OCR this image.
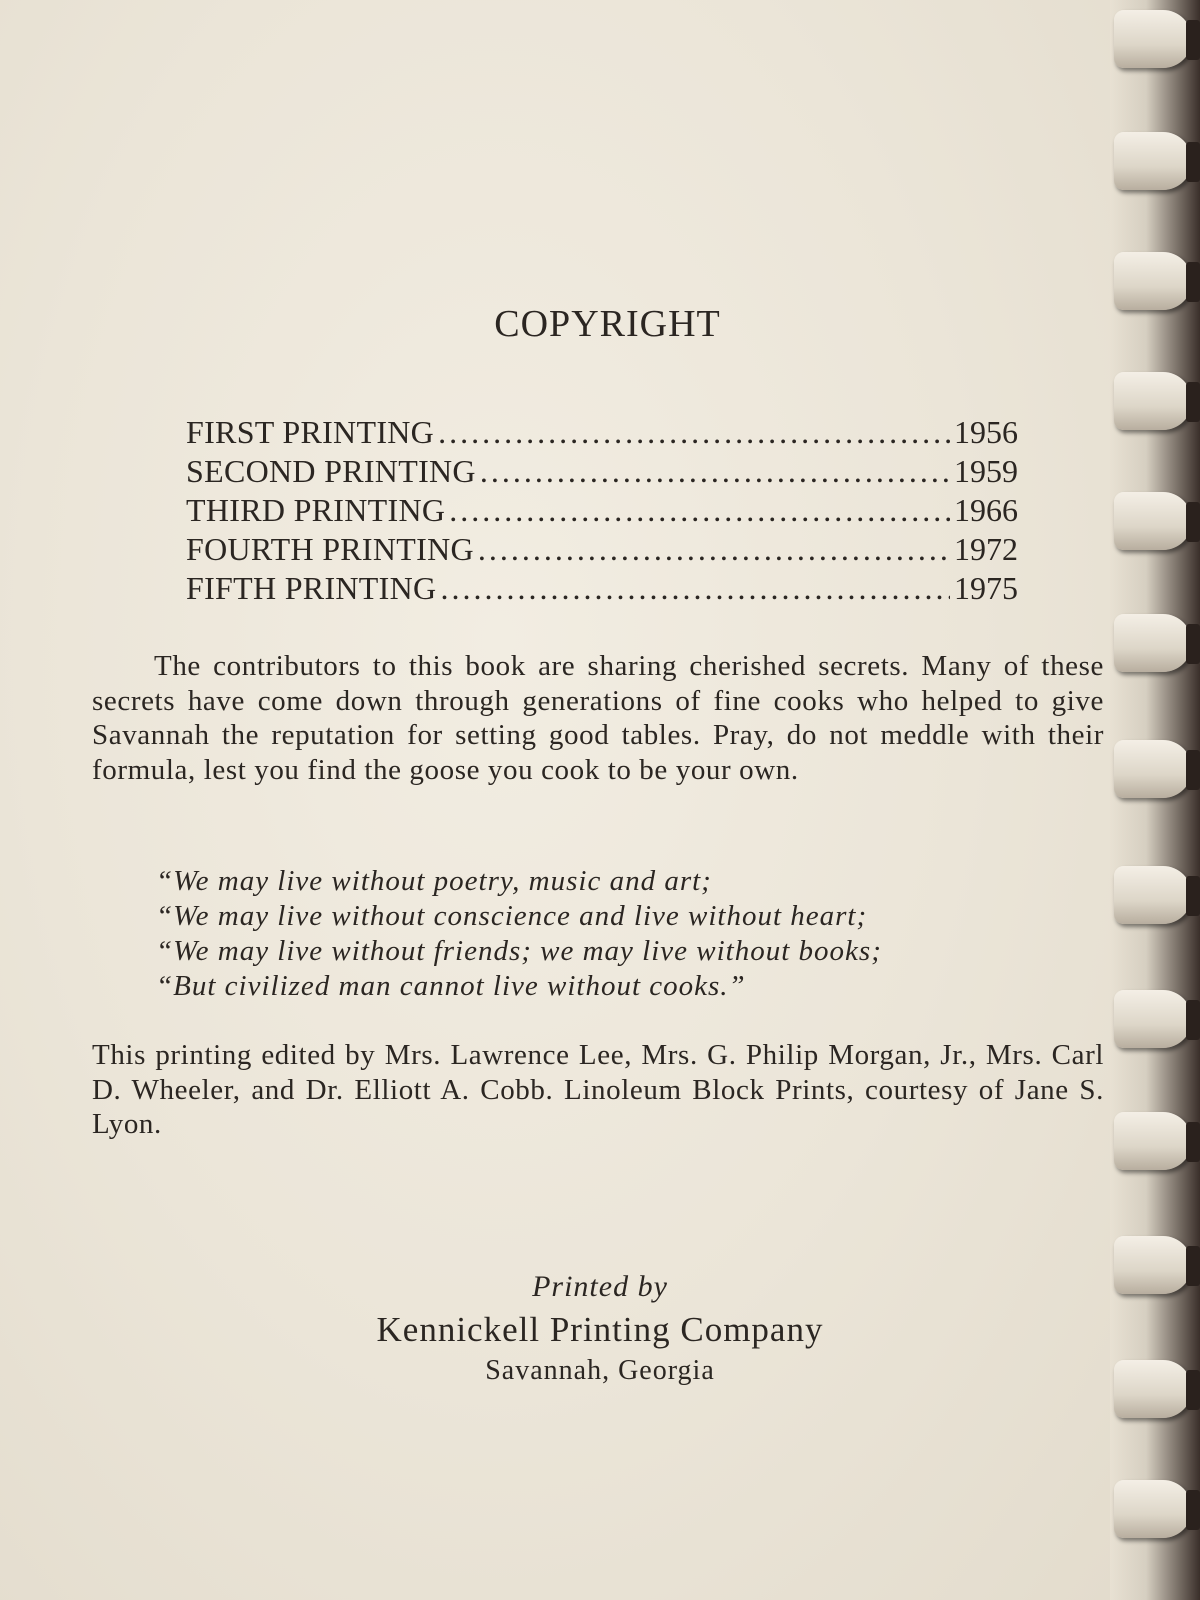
COPYRIGHT
FIRST PRINTING .....	1956
SECOND PRINTING .....	1959
THIRD PRINTING .....	1966
FOURTH PRINTING .....	1972
FIFTH PRINTING .....	1975

The contributors to this book are sharing cherished secrets. Many of these secrets have come down through generations of fine cooks who helped to give Savannah the reputation for setting good tables. Pray, do not meddle with their formula, lest you find the goose you cook to be your own.

“We may live without poetry, music and art;
“We may live without conscience and live without heart;
“We may live without friends; we may live without books;
“But civilized man cannot live without cooks.”

This printing edited by Mrs. Lawrence Lee, Mrs. G. Philip Morgan, Jr., Mrs. Carl D. Wheeler, and Dr. Elliott A. Cobb. Linoleum Block Prints, courtesy of Jane S. Lyon.

Printed by
Kennickell Printing Company
Savannah, Georgia
